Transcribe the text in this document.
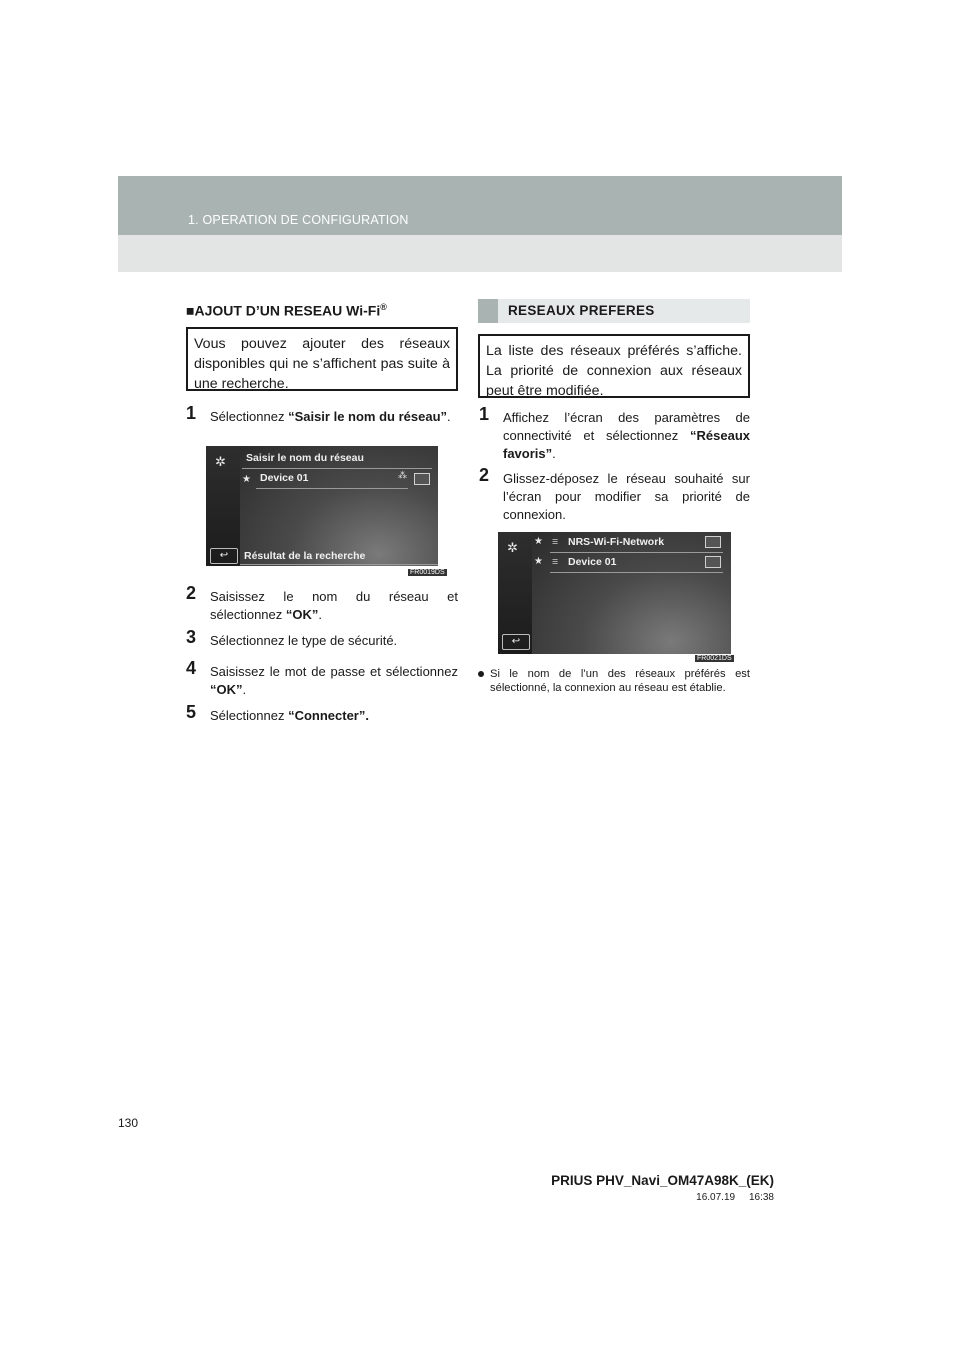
1. OPERATION DE CONFIGURATION
■AJOUT D’UN RESEAU Wi-Fi®
Vous pouvez ajouter des réseaux disponibles qui ne s’affichent pas suite à une recherche.
1 Sélectionnez “Saisir le nom du réseau”.
✲	Saisir le nom du réseau
★ Device 01	⁂
↩	Résultat de la recherche
FR0019DS
2 Saisissez le nom du réseau et sélectionnez “OK”.
3 Sélectionnez le type de sécurité.
4 Saisissez le mot de passe et sélectionnez “OK”.
5 Sélectionnez “Connecter”.
RESEAUX PREFERES
La liste des réseaux préférés s’affiche. La priorité de connexion aux réseaux peut être modifiée.
1 Affichez l’écran des paramètres de connectivité et sélectionnez “Réseaux favoris”.
2 Glissez-déposez le réseau souhaité sur l’écran pour modifier sa priorité de connexion.
✲	★ ≡ NRS-Wi-Fi-Network
★ ≡ Device 01
↩
FR0021DS
Si le nom de l’un des réseaux préférés est sélectionné, la connexion au réseau est établie.
130
PRIUS PHV_Navi_OM47A98K_(EK)
16.07.19     16:38
